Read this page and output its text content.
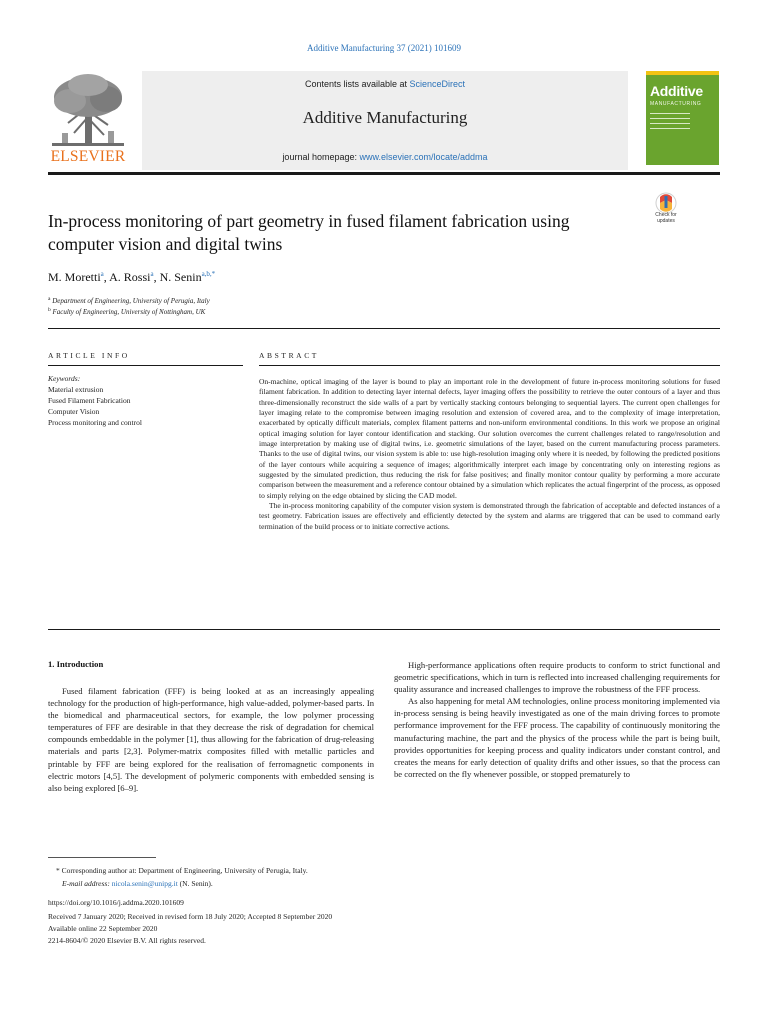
Additive Manufacturing 37 (2021) 101609
ELSEVIER
Contents lists available at ScienceDirect
Additive Manufacturing
journal homepage: www.elsevier.com/locate/addma
Additive
MANUFACTURING
In-process monitoring of part geometry in fused filament fabrication using computer vision and digital twins
Check for
updates
M. Moretti$^a$, A. Rossi$^a$, N. Senin$^{a,b,*}$
$^a$ Department of Engineering, University of Perugia, Italy
$^b$ Faculty of Engineering, University of Nottingham, UK
ARTICLE INFO
Keywords:
Material extrusion
Fused Filament Fabrication
Computer Vision
Process monitoring and control
ABSTRACT

On-machine, optical imaging of the layer is bound to play an important role in the development of future in-process monitoring solutions for fused filament fabrication. In addition to detecting layer internal defects, layer imaging offers the possibility to retrieve the outer contours of a layer and thus three-dimensionally reconstruct the side walls of a part by vertically stacking contours belonging to sequential layers. The current open challenges for layer imaging relate to the compromise between imaging resolution and extension of covered area, and to the complexity of image interpretation, exacerbated by optically difficult materials, complex filament patterns and non-uniform environmental conditions. In this work we propose an original optical imaging solution for layer contour identification and stacking. Our solution overcomes the current challenges related to range/resolution and image interpretation by making use of digital twins, i.e. geometric simulations of the layer, based on the current manufacturing process parameters. Thanks to the use of digital twins, our vision system is able to: use high-resolution imaging only where it is needed, by following the predicted positions of the layer contours while acquiring a sequence of images; algorithmically interpret each image by concentrating only on interesting regions as suggested by the simulated prediction, thus reducing the risk for false positives; and finally monitor contour quality by performing a more accurate comparison between the measurement and a reference contour obtained by a simulation which replicates the actual fingerprint of the process, as opposed to simply relying on the edge obtained by slicing the CAD model.

The in-process monitoring capability of the computer vision system is demonstrated through the fabrication of acceptable and defected instances of a test geometry. Fabrication issues are effectively and efficiently detected by the system and alarms are triggered that can be used to command early termination of the build process or to initiate corrective actions.

1. Introduction

Fused filament fabrication (FFF) is being looked at as an increasingly appealing technology for the production of high-performance, high value-added, polymer-based parts. In the biomedical and pharmaceutical sectors, for example, the low polymer processing temperatures of FFF are desirable in that they decrease the risk of degradation for chemical compounds embeddable in the polymer [1], thus allowing for the fabrication of drug-releasing materials and parts [2,3]. Polymer-matrix composites filled with metallic particles and printable by FFF are being explored for the realisation of ferromagnetic components in electric motors [4,5]. The development of polymeric components with embedded sensing is also being explored [6–9].

High-performance applications often require products to conform to strict functional and geometric specifications, which in turn is reflected into increased challenging requirements for quality assurance and increased challenges to improve the robustness of the FFF process.

As also happening for metal AM technologies, online process monitoring implemented via in-process sensing is being heavily investigated as one of the main driving forces to promote performance improvement for the FFF process. The capability of continuously monitoring the manufacturing machine, the part and the physics of the process while the part is being built, provides opportunities for keeping process and quality indicators under constant control, and creates the means for early detection of quality drifts and other issues, so that the process can be corrected on the fly whenever possible, or stopped prematurely to

* Corresponding author at: Department of Engineering, University of Perugia, Italy.
E-mail address: nicola.senin@unipg.it (N. Senin).
https://doi.org/10.1016/j.addma.2020.101609
Received 7 January 2020; Received in revised form 18 July 2020; Accepted 8 September 2020
Available online 22 September 2020
2214-8604/© 2020 Elsevier B.V. All rights reserved.
